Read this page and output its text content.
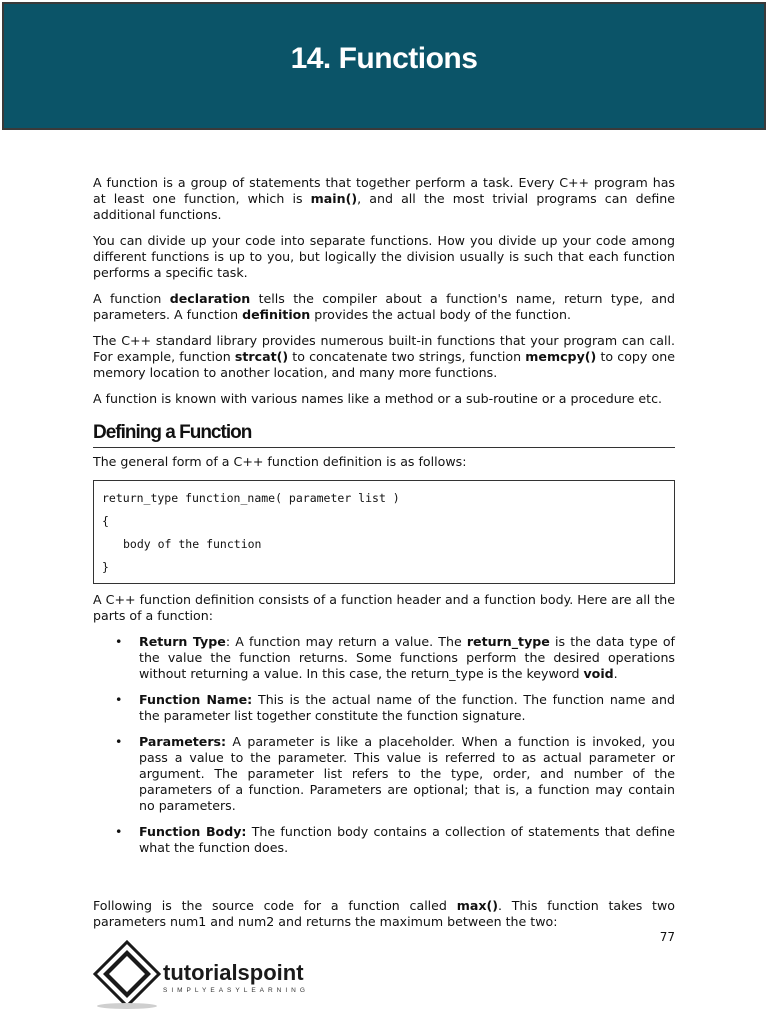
14. Functions

A function is a group of statements that together perform a task. Every C++ program has at least one function, which is main(), and all the most trivial programs can define additional functions.

You can divide up your code into separate functions. How you divide up your code among different functions is up to you, but logically the division usually is such that each function performs a specific task.

A function declaration tells the compiler about a function's name, return type, and parameters. A function definition provides the actual body of the function.

The C++ standard library provides numerous built-in functions that your program can call. For example, function strcat() to concatenate two strings, function memcpy() to copy one memory location to another location, and many more functions.

A function is known with various names like a method or a sub-routine or a procedure etc.

Defining a Function

The general form of a C++ function definition is as follows:

return_type function_name( parameter list )
{
body of the function
}

A C++ function definition consists of a function header and a function body. Here are all the parts of a function:

• Return Type: A function may return a value. The return_type is the data type of the value the function returns. Some functions perform the desired operations without returning a value. In this case, the return_type is the keyword void.
• Function Name: This is the actual name of the function. The function name and the parameter list together constitute the function signature.
• Parameters: A parameter is like a placeholder. When a function is invoked, you pass a value to the parameter. This value is referred to as actual parameter or argument. The parameter list refers to the type, order, and number of the parameters of a function. Parameters are optional; that is, a function may contain no parameters.
• Function Body: The function body contains a collection of statements that define what the function does.

Following is the source code for a function called max(). This function takes two parameters num1 and num2 and returns the maximum between the two:

77
tutorialspoint
SIMPLYEASYLEARNING
